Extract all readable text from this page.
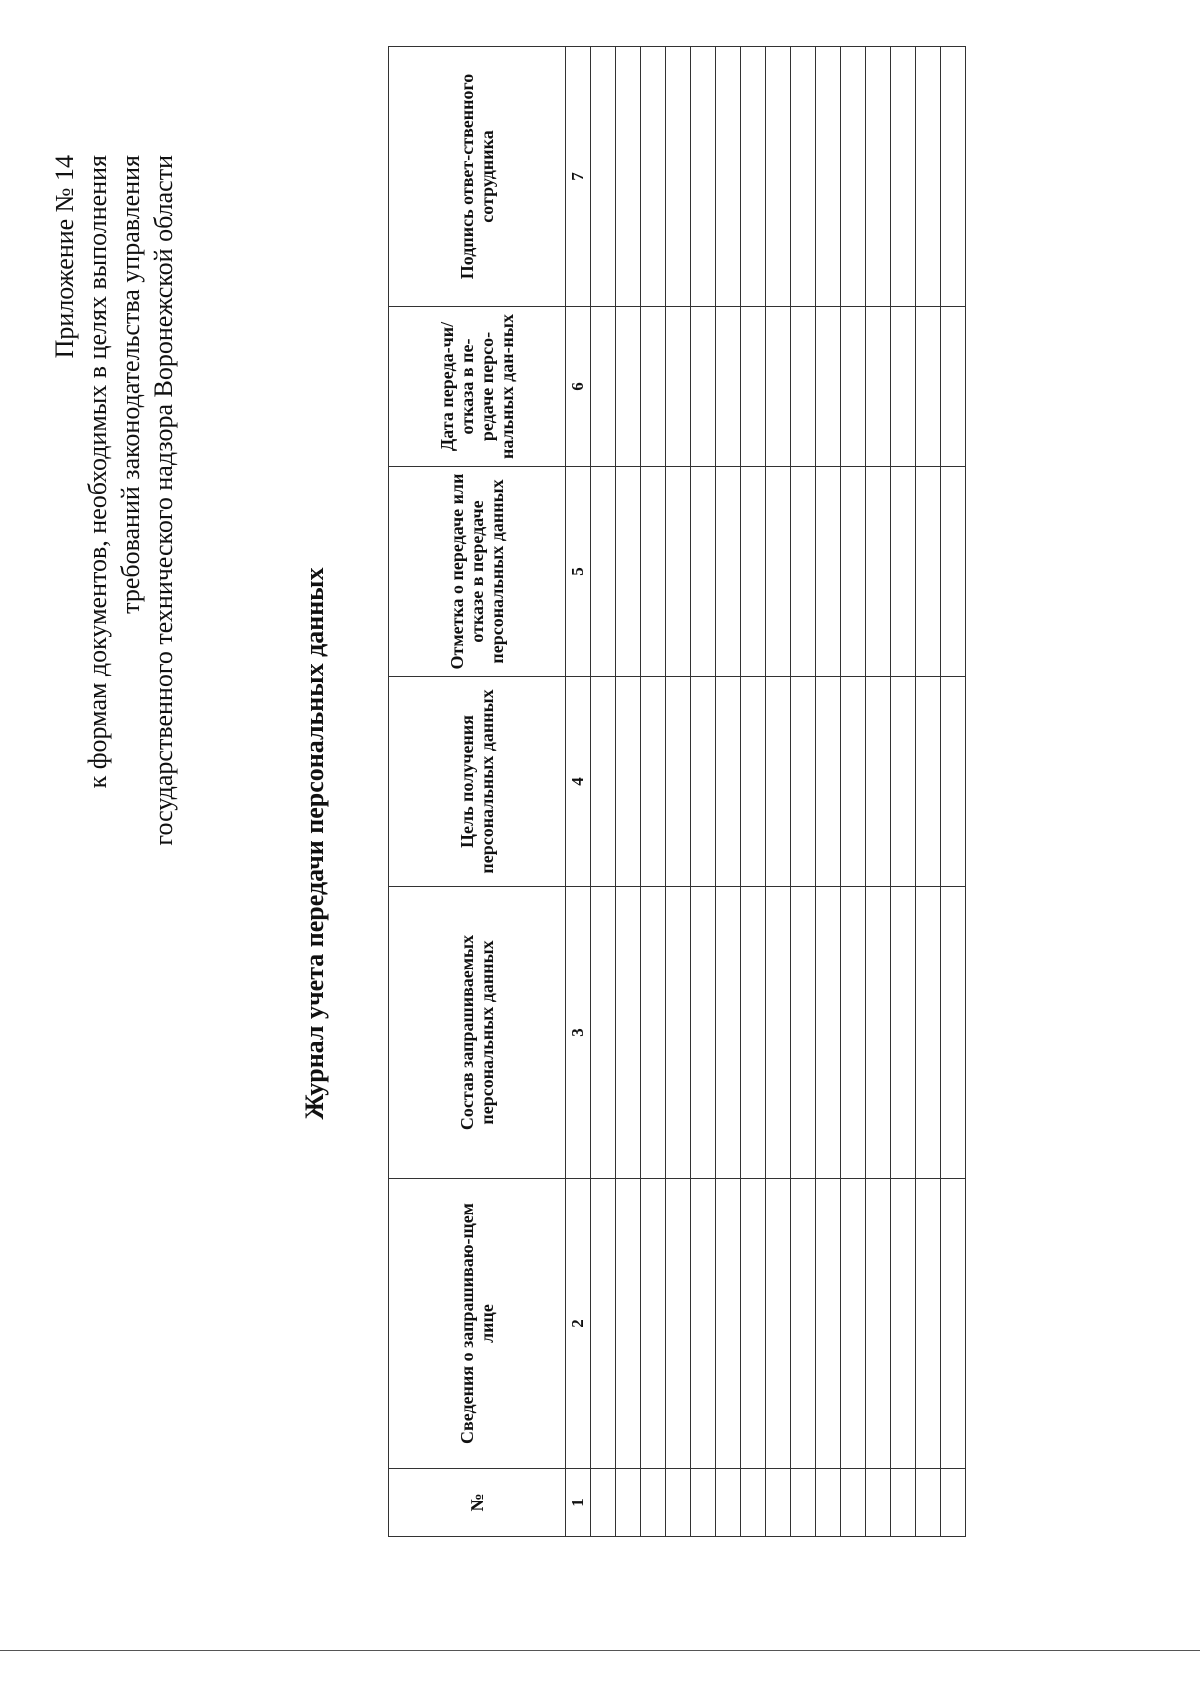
Приложение № 14 к формам документов, необходимых в целях выполнения требований законодательства управления государственного технического надзора Воронежской области	Журнал учета передачи персональных данных
№	Сведения о запрашиваю-щем лице	Состав запрашиваемых персональных данных	Цель получения персональных данных	Отметка о передаче или отказе в передаче персональных данных	Дата переда-чи/отказа в пе-редаче персо-нальных дан-ных	Подпись ответ-ственного сотрудника
1	2	3	4	5	6	7
